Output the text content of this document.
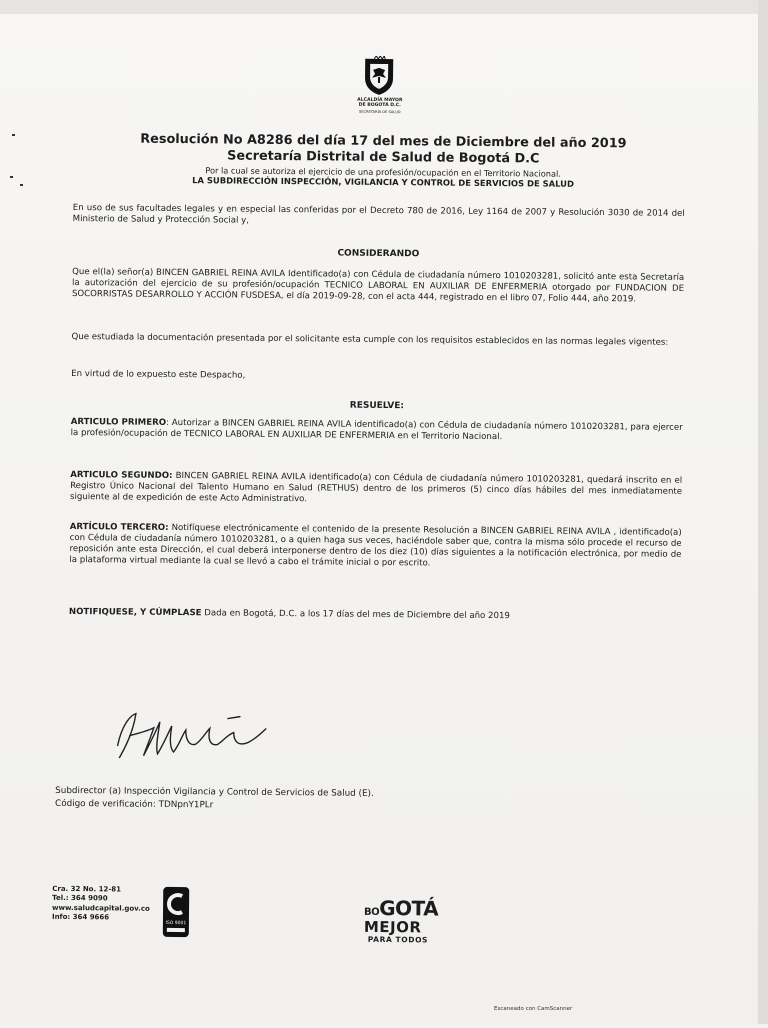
ALCALDÍA MAYOR
DE BOGOTÁ D.C.
SECRETARÍA DE SALUD
Resolución No A8286 del día 17 del mes de Diciembre del año 2019
Secretaría Distrital de Salud de Bogotá D.C
Por la cual se autoriza el ejercicio de una profesión/ocupación en el Territorio Nacional.
LA SUBDIRECCIÓN INSPECCIÓN, VIGILANCIA Y CONTROL DE SERVICIOS DE SALUD
En uso de sus facultades legales y en especial las conferidas por el Decreto 780 de 2016, Ley 1164 de 2007 y Resolución 3030 de 2014 del Ministerio de Salud y Protección Social y,
CONSIDERANDO
Que el(la) señor(a) BINCEN GABRIEL REINA AVILA Identificado(a) con Cédula de ciudadanía número 1010203281, solicitó ante esta Secretaría la autorización del ejercicio de su profesión/ocupación TECNICO LABORAL EN AUXILIAR DE ENFERMERIA otorgado por FUNDACION DE SOCORRISTAS DESARROLLO Y ACCIÓN FUSDESA, el día 2019-09-28, con el acta 444, registrado en el libro 07, Folio 444, año 2019.
Que estudiada la documentación presentada por el solicitante esta cumple con los requisitos establecidos en las normas legales vigentes:
En virtud de lo expuesto este Despacho,
RESUELVE:
ARTICULO PRIMERO: Autorizar a BINCEN GABRIEL REINA AVILA identificado(a) con Cédula de ciudadanía número 1010203281, para ejercer la profesión/ocupación de TECNICO LABORAL EN AUXILIAR DE ENFERMERIA en el Territorio Nacional.
ARTICULO SEGUNDO: BINCEN GABRIEL REINA AVILA identificado(a) con Cédula de ciudadanía número 1010203281, quedará inscrito en el Registro Único Nacional del Talento Humano en Salud (RETHUS) dentro de los primeros (5) cinco días hábiles del mes inmediatamente siguiente al de expedición de este Acto Administrativo.
ARTÍCULO TERCERO: Notifíquese electrónicamente el contenido de la presente Resolución a BINCEN GABRIEL REINA AVILA , identificado(a) con Cédula de ciudadanía número 1010203281, o a quien haga sus veces, haciéndole saber que, contra la misma sólo procede el recurso de reposición ante esta Dirección, el cual deberá interponerse dentro de los diez (10) días siguientes a la notificación electrónica, por medio de la plataforma virtual mediante la cual se llevó a cabo el trámite inicial o por escrito.
NOTIFIQUESE, Y CÚMPLASE Dada en Bogotá, D.C. a los 17 días del mes de Diciembre del año 2019
Subdirector (a) Inspección Vigilancia y Control de Servicios de Salud (E).
Código de verificación: TDNpnY1PLr
Cra. 32 No. 12-81
Tel.: 364 9090
www.saludcapital.gov.co
Info: 364 9666
ISO 9001
BOGOTÁ
MEJOR
PARA TODOS
Escaneado con CamScanner
